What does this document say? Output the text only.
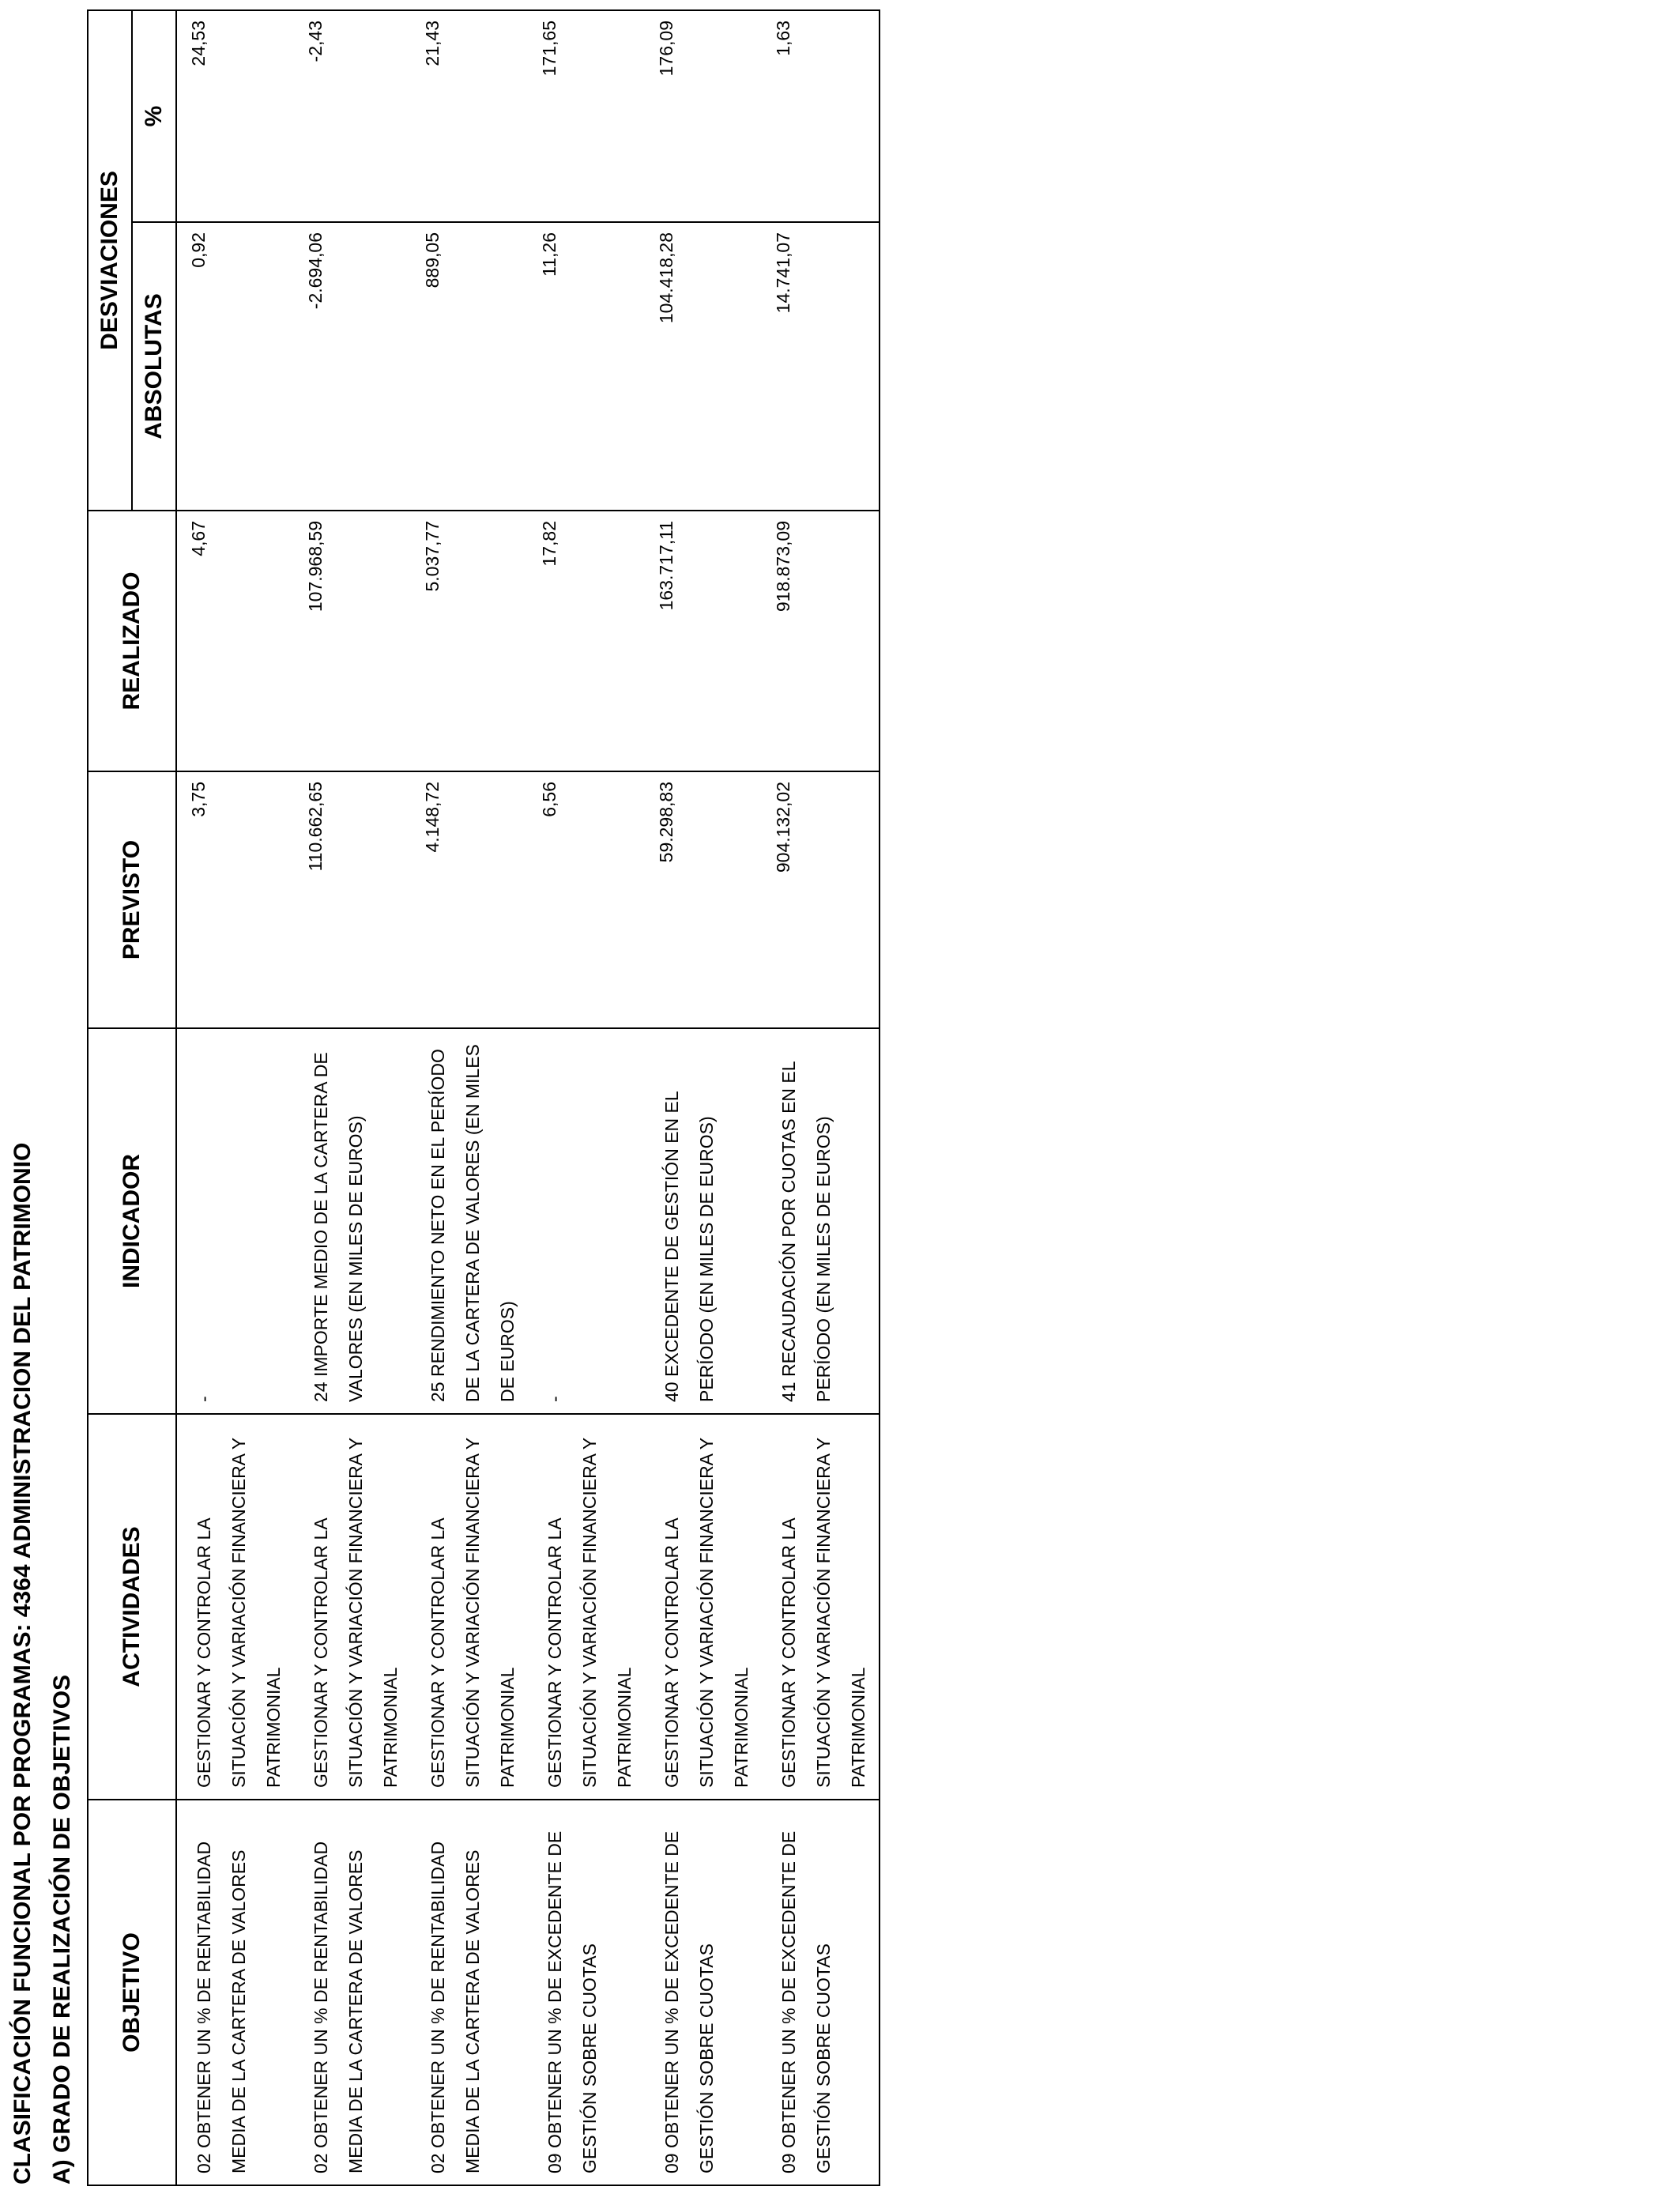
CLASIFICACIÓN FUNCIONAL POR PROGRAMAS: 4364 ADMINISTRACION DEL PATRIMONIO A) GRADO DE REALIZACIÓN DE OBJETIVOS OBJETIVO	ACTIVIDADES	INDICADOR	PREVISTO	REALIZADO	DESVIACIONES	
					ABSOLUTAS	%
02 OBTENER UN % DE RENTABILIDAD MEDIA DE LA CARTERA DE VALORES	GESTIONAR Y CONTROLAR LA SITUACIÓN Y VARIACIÓN FINANCIERA Y PATRIMONIAL	-	3,75	4,67	0,92	24,53
02 OBTENER UN % DE RENTABILIDAD MEDIA DE LA CARTERA DE VALORES	GESTIONAR Y CONTROLAR LA SITUACIÓN Y VARIACIÓN FINANCIERA Y PATRIMONIAL	24 IMPORTE MEDIO DE LA CARTERA DE VALORES (EN MILES DE EUROS)	110.662,65	107.968,59	-2.694,06	-2,43
02 OBTENER UN % DE RENTABILIDAD MEDIA DE LA CARTERA DE VALORES	GESTIONAR Y CONTROLAR LA SITUACIÓN Y VARIACIÓN FINANCIERA Y PATRIMONIAL	25 RENDIMIENTO NETO EN EL PERÍODO DE LA CARTERA DE VALORES (EN MILES DE EUROS)	4.148,72	5.037,77	889,05	21,43
09 OBTENER UN % DE EXCEDENTE DE GESTIÓN SOBRE CUOTAS	GESTIONAR Y CONTROLAR LA SITUACIÓN Y VARIACIÓN FINANCIERA Y PATRIMONIAL	-	6,56	17,82	11,26	171,65
09 OBTENER UN % DE EXCEDENTE DE GESTIÓN SOBRE CUOTAS	GESTIONAR Y CONTROLAR LA SITUACIÓN Y VARIACIÓN FINANCIERA Y PATRIMONIAL	40 EXCEDENTE DE GESTIÓN EN EL PERÍODO (EN MILES DE EUROS)	59.298,83	163.717,11	104.418,28	176,09
09 OBTENER UN % DE EXCEDENTE DE GESTIÓN SOBRE CUOTAS	GESTIONAR Y CONTROLAR LA SITUACIÓN Y VARIACIÓN FINANCIERA Y PATRIMONIAL	41 RECAUDACIÓN POR CUOTAS EN EL PERÍODO (EN MILES DE EUROS)	904.132,02	918.873,09	14.741,07	1,63
